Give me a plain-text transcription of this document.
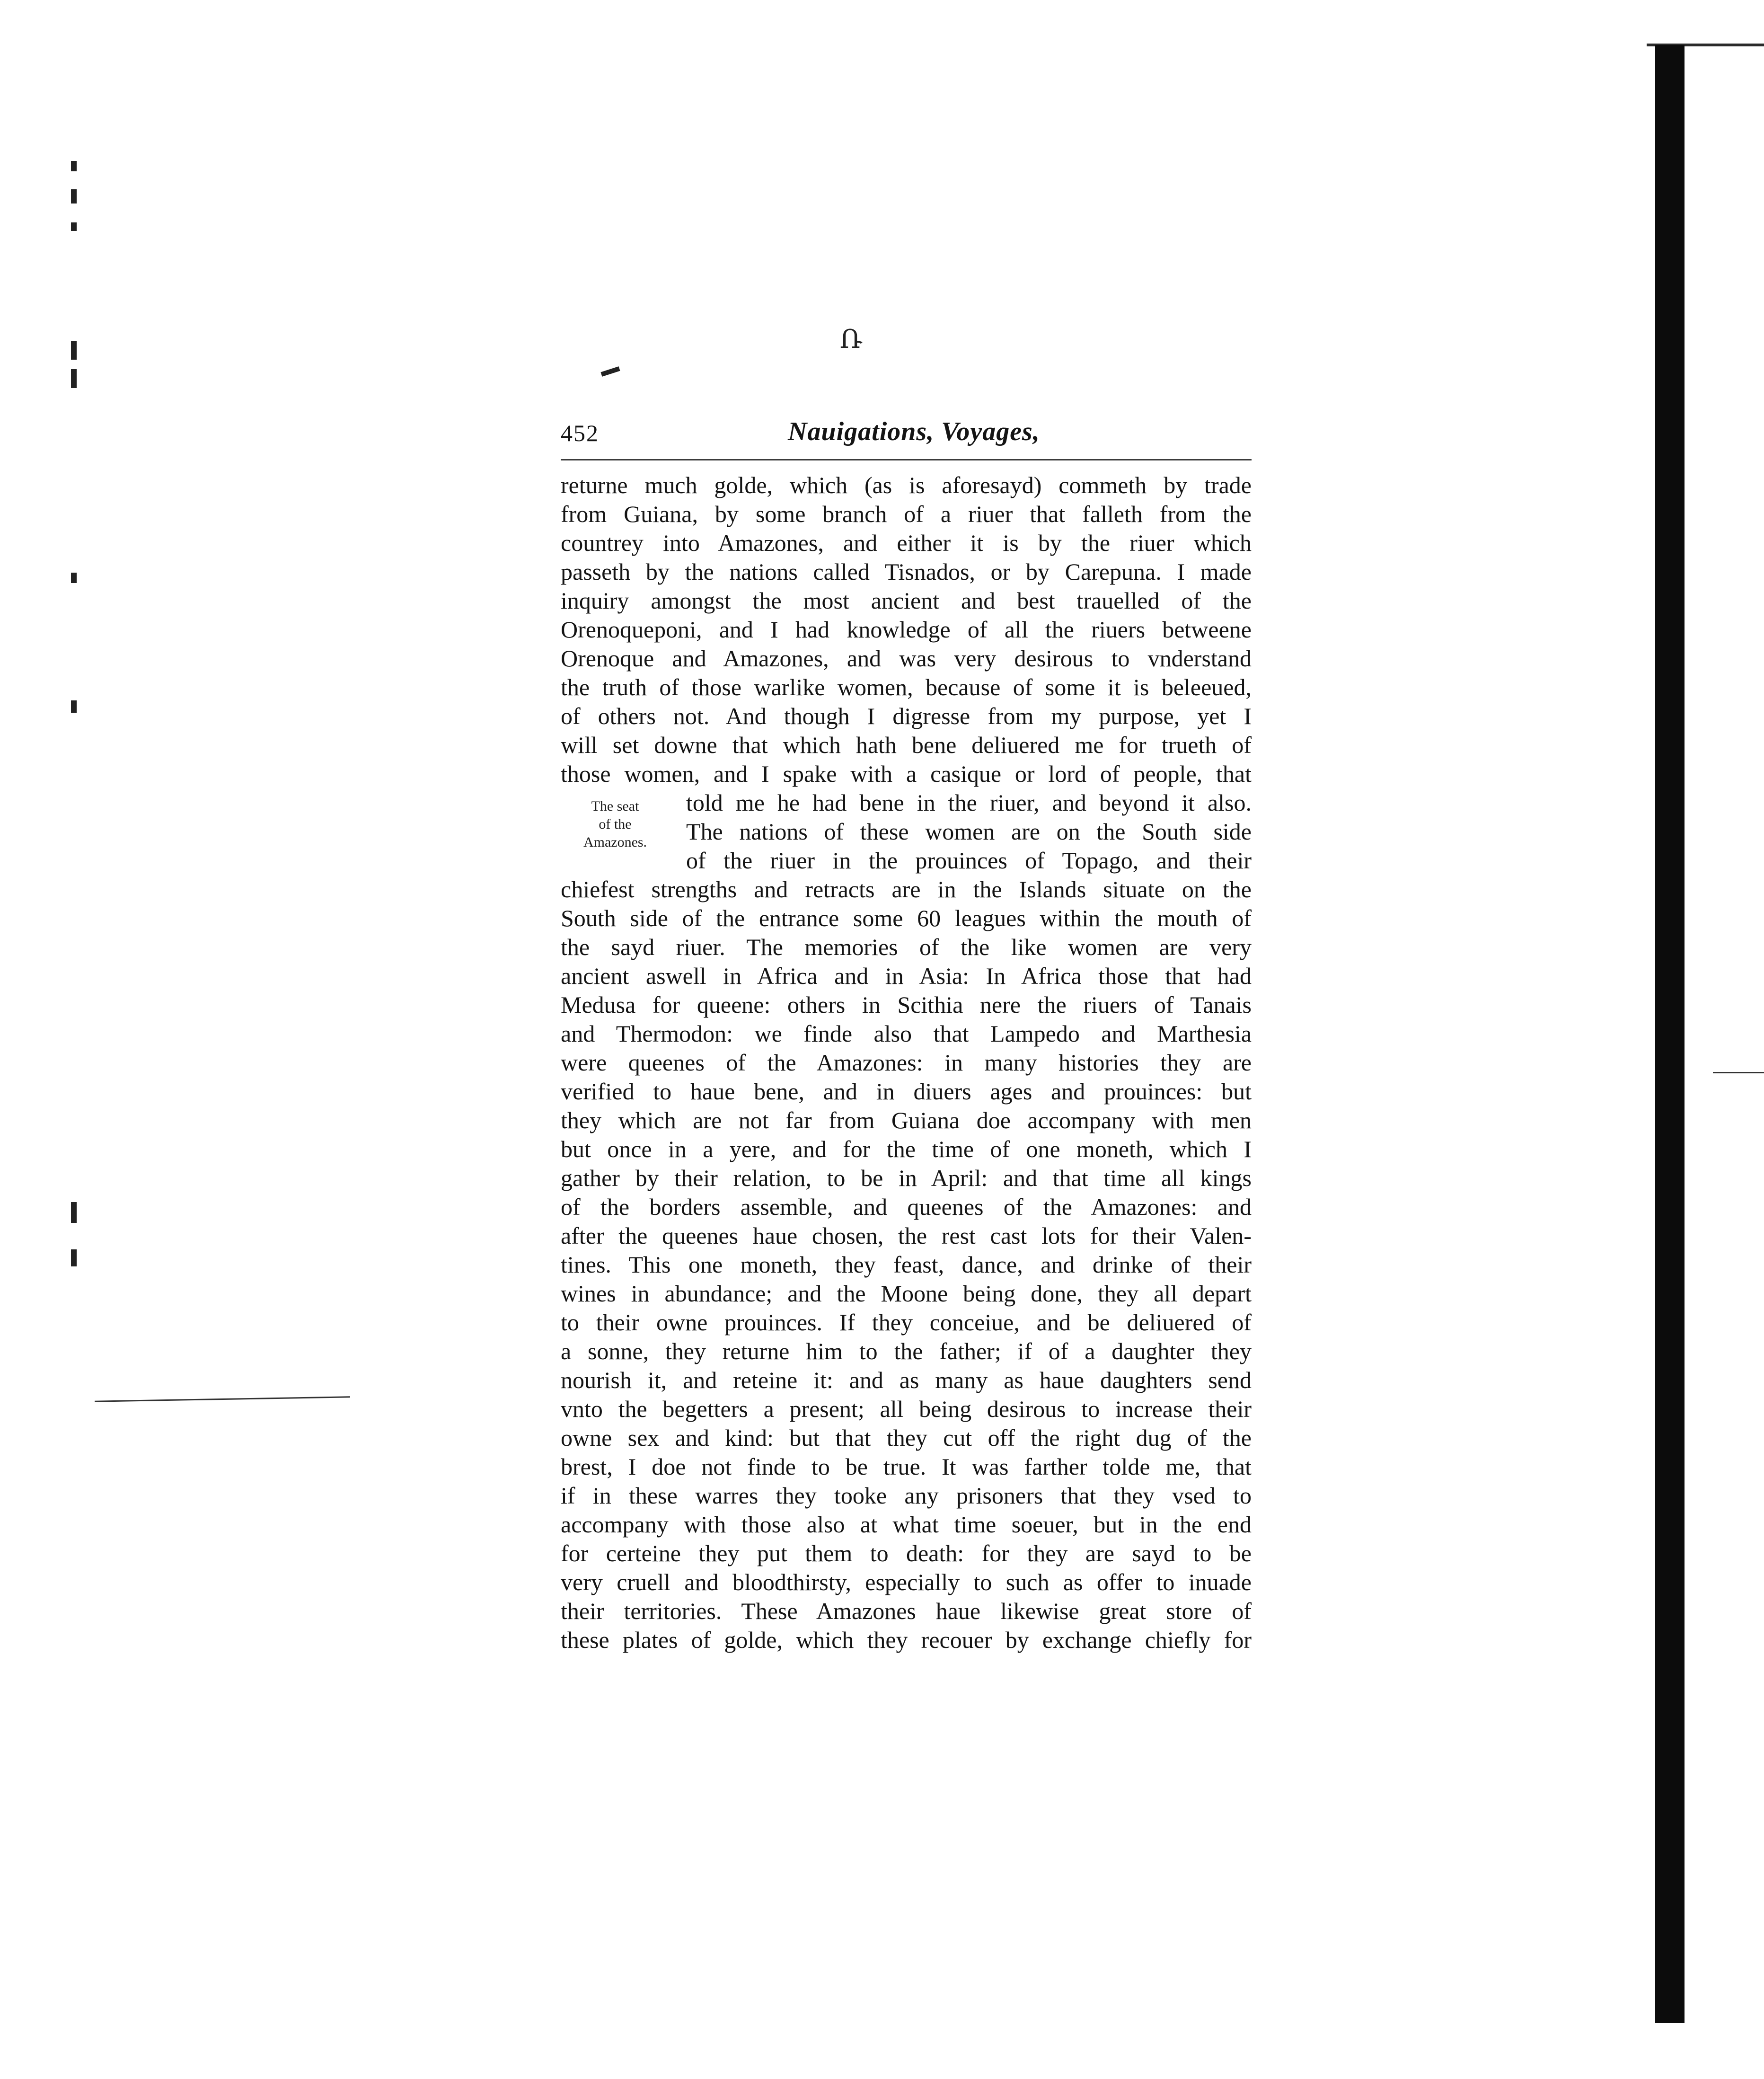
Ռ
452	Nauigations, Voyages,
The seat
of the
Amazones.
returne much golde, which (as is aforesayd) commeth by trade
from Guiana, by some branch of a riuer that falleth from the
countrey into Amazones, and either it is by the riuer which
passeth by the nations called Tisnados, or by Carepuna. I made
inquiry amongst the most ancient and best trauelled of the
Orenoqueponi, and I had knowledge of all the riuers betweene
Orenoque and Amazones, and was very desirous to vnderstand
the truth of those warlike women, because of some it is beleeued,
of others not. And though I digresse from my purpose, yet I
will set downe that which hath bene deliuered me for trueth of
those women, and I spake with a casique or lord of people, that
told me he had bene in the riuer, and beyond it also.
The nations of these women are on the South side
of the riuer in the prouinces of Topago, and their
chiefest strengths and retracts are in the Islands situate on the
South side of the entrance some 60 leagues within the mouth of
the sayd riuer. The memories of the like women are very
ancient aswell in Africa and in Asia: In Africa those that had
Medusa for queene: others in Scithia nere the riuers of Tanais
and Thermodon: we finde also that Lampedo and Marthesia
were queenes of the Amazones: in many histories they are
verified to haue bene, and in diuers ages and prouinces: but
they which are not far from Guiana doe accompany with men
but once in a yere, and for the time of one moneth, which I
gather by their relation, to be in April: and that time all kings
of the borders assemble, and queenes of the Amazones: and
after the queenes haue chosen, the rest cast lots for their Valen-
tines. This one moneth, they feast, dance, and drinke of their
wines in abundance; and the Moone being done, they all depart
to their owne prouinces. If they conceiue, and be deliuered of
a sonne, they returne him to the father; if of a daughter they
nourish it, and reteine it: and as many as haue daughters send
vnto the begetters a present; all being desirous to increase their
owne sex and kind: but that they cut off the right dug of the
brest, I doe not finde to be true. It was farther tolde me, that
if in these warres they tooke any prisoners that they vsed to
accompany with those also at what time soeuer, but in the end
for certeine they put them to death: for they are sayd to be
very cruell and bloodthirsty, especially to such as offer to inuade
their territories. These Amazones haue likewise great store of
these plates of golde, which they recouer by exchange chiefly for
